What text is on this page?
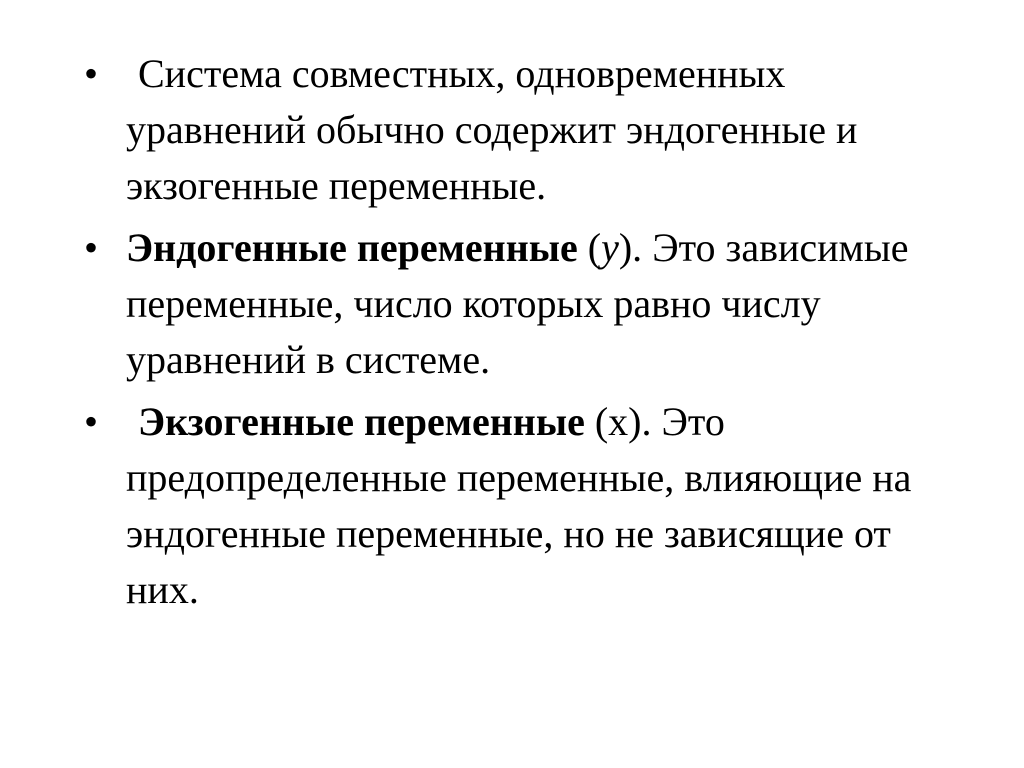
• Система совместных, одновременных уравнений обычно содержит эндогенные и экзогенные переменные.
• Эндогенные переменные (y). Это зависимые переменные, число которых равно числу уравнений в системе.
• Экзогенные переменные (x). Это предопределенные переменные, влияющие на эндогенные переменные, но не зависящие от них.
